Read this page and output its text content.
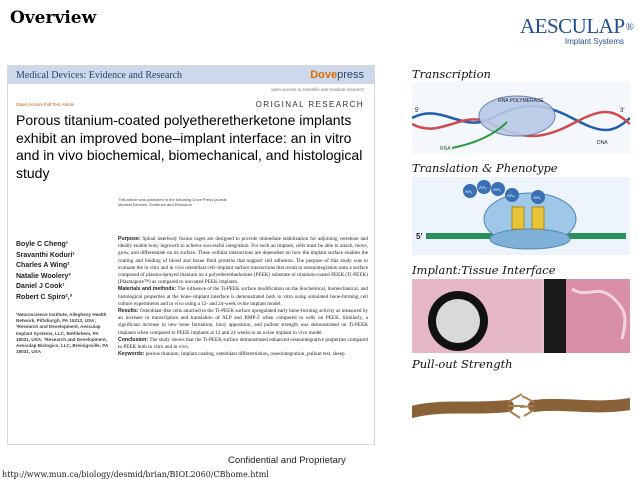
Overview	AESCULAP ®
Implant Systems
Medical Devices: Evidence and Research	Dovepress
open access to scientific and medical research
Open Access Full Text Article	ORIGINAL RESEARCH
Porous titanium-coated polyetheretherketone implants exhibit an improved bone–implant interface: an in vitro and in vivo biochemical, biomechanical, and histological study
This article was published in the following Dove Press journal:
Medical Devices: Evidence and Research
Boyle C Cheng¹
Sravanthi Koduri¹
Charles A Wing²
Natalie Woolery³
Daniel J Cook¹
Robert C Spiro²,³
¹Neuroscience Institute, Allegheny Health Network, Pittsburgh, PA 15212, USA; ²Research and Development, Aesculap Implant Systems, LLC, Bethlehem, PA 18031, USA; ³Research and Development, Aesculap Biologics, LLC, Breinigsville, PA 18031, USA

Purpose: Spinal interbody fusion cages are designed to provide immediate stabilization for adjoining vertebrae and ideally enable bony ingrowth to achieve successful integration. For such an implant, cells must be able to attach, move, grow, and differentiate on its surface. These cellular interactions are dependent on how the implant surface enables the coating and binding of blood and tissue fluid proteins that support cell adhesion. The purpose of this study was to evaluate the in vitro and in vivo osteoblast cell–implant surface interactions that result in osseointegration onto a surface composed of plasma-sprayed titanium on a polyetheretherketone (PEEK) substrate or titanium-coated PEEK (Ti-PEEK) (Plasmapore™) as compared to uncoated PEEK implants.

Materials and methods: The influence of the Ti-PEEK surface modification on the biochemical, biomechanical, and histological properties at the bone–implant interface is demonstrated both in vitro using simulated bone-forming cell culture experiments and in vivo using a 12- and 24-week ovine implant model.

Results: Osteoblast-like cells attached to the Ti-PEEK surface upregulated early bone-forming activity as measured by an increase in transcription and translation of ALP and BMP-2 when compared to cells on PEEK. Similarly, a significant increase in new bone formation, bony apposition, and pullout strength was demonstrated on Ti-PEEK implants when compared to PEEK implants at 12 and 24 weeks in an ovine implant in vivo model.

Conclusion: The study shows that the Ti-PEEK surface demonstrated enhanced osseointegrative properties compared to PEEK both in vitro and in vivo.

Keywords: porous titanium, implant coating, osteoblast differentiation, osseointegration, pullout test, sheep

Confidential and Proprietary
http://www.mun.ca/biology/desmid/brian/BIOL2060/CBhome.html
Transcription
RNA POLYMERASE
5'	3'
RNA
DNA
Translation & Phenotype
5'
AA₁
AA₂ AA₃
AA₄	AA₅
Implant:Tissue Interface
Pull-out Strength
